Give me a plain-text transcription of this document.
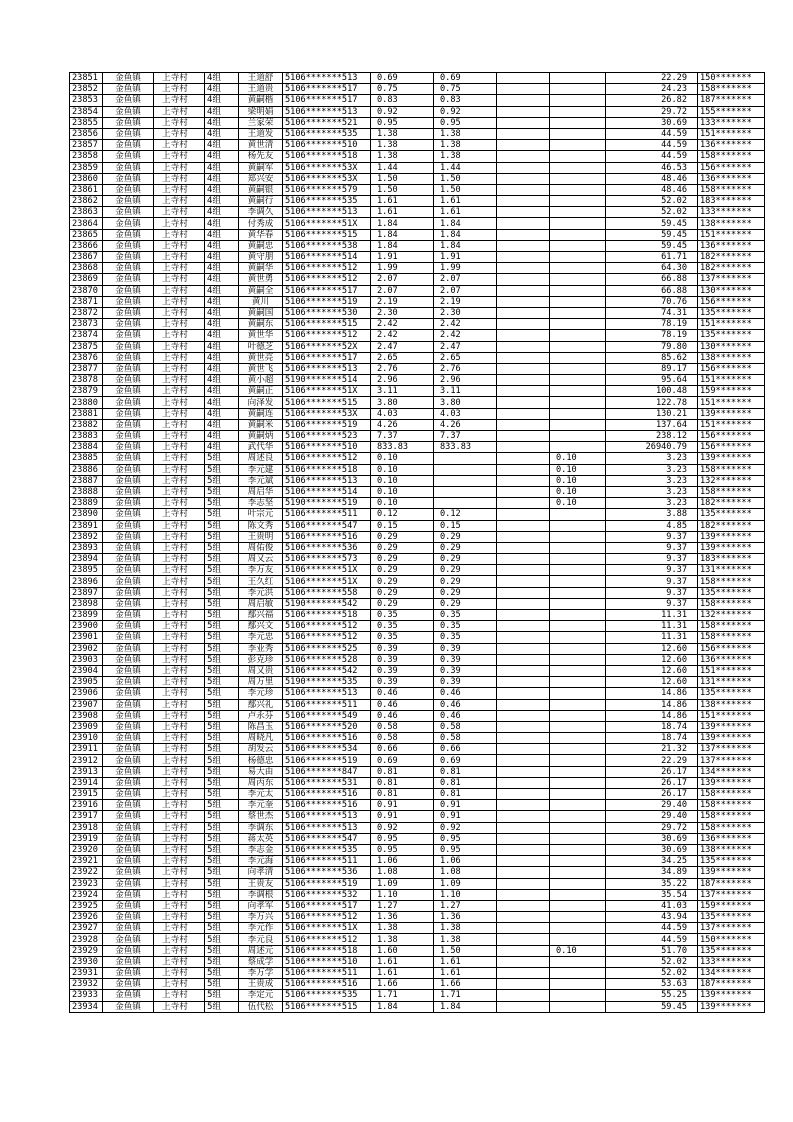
23851	金鱼镇	上寺村	4组	王道舒	5106*******513	0.69	0.69			22.29	150*******
23852	金鱼镇	上寺村	4组	王道贵	5106*******517	0.75	0.75			24.23	158*******
23853	金鱼镇	上寺村	4组	黄嗣楷	5106*******517	0.83	0.83			26.82	187*******
23854	金鱼镇	上寺村	4组	梁明娟	5106*******513	0.92	0.92			29.72	155*******
23855	金鱼镇	上寺村	4组	兰家荣	5106*******521	0.95	0.95			30.69	133*******
23856	金鱼镇	上寺村	4组	王道发	5106*******535	1.38	1.38			44.59	151*******
23857	金鱼镇	上寺村	4组	黄世清	5106*******510	1.38	1.38			44.59	136*******
23858	金鱼镇	上寺村	4组	杨先友	5106*******518	1.38	1.38			44.59	158*******
23859	金鱼镇	上寺村	4组	黄嗣军	5106*******53X	1.44	1.44			46.53	156*******
23860	金鱼镇	上寺村	4组	郑兴安	5106*******53X	1.50	1.50			48.46	136*******
23861	金鱼镇	上寺村	4组	黄嗣银	5106*******579	1.50	1.50			48.46	158*******
23862	金鱼镇	上寺村	4组	黄嗣行	5106*******535	1.61	1.61			52.02	183*******
23863	金鱼镇	上寺村	4组	李调久	5106*******513	1.61	1.61			52.02	133*******
23864	金鱼镇	上寺村	4组	付秀成	5106*******51X	1.84	1.84			59.45	138*******
23865	金鱼镇	上寺村	4组	黄华春	5106*******515	1.84	1.84			59.45	151*******
23866	金鱼镇	上寺村	4组	黄嗣忠	5106*******538	1.84	1.84			59.45	136*******
23867	金鱼镇	上寺村	4组	黄守朋	5106*******514	1.91	1.91			61.71	182*******
23868	金鱼镇	上寺村	4组	黄嗣华	5106*******512	1.99	1.99			64.30	182*******
23869	金鱼镇	上寺村	4组	黄世勇	5106*******512	2.07	2.07			66.88	137*******
23870	金鱼镇	上寺村	4组	黄嗣全	5106*******517	2.07	2.07			66.88	130*******
23871	金鱼镇	上寺村	4组	黄川	5106*******519	2.19	2.19			70.76	156*******
23872	金鱼镇	上寺村	4组	黄嗣国	5106*******530	2.30	2.30			74.31	135*******
23873	金鱼镇	上寺村	4组	黄嗣东	5106*******515	2.42	2.42			78.19	151*******
23874	金鱼镇	上寺村	4组	黄世华	5106*******512	2.42	2.42			78.19	135*******
23875	金鱼镇	上寺村	4组	叶德芝	5106*******52X	2.47	2.47			79.80	130*******
23876	金鱼镇	上寺村	4组	黄世亮	5106*******517	2.65	2.65			85.62	138*******
23877	金鱼镇	上寺村	4组	黄世飞	5106*******513	2.76	2.76			89.17	156*******
23878	金鱼镇	上寺村	4组	黄小超	5190*******514	2.96	2.96			95.64	151*******
23879	金鱼镇	上寺村	4组	黄嗣正	5106*******51X	3.11	3.11			100.48	159*******
23880	金鱼镇	上寺村	4组	向泽发	5106*******515	3.80	3.80			122.78	151*******
23881	金鱼镇	上寺村	4组	黄嗣连	5106*******53X	4.03	4.03			130.21	139*******
23882	金鱼镇	上寺村	4组	黄嗣米	5106*******519	4.26	4.26			137.64	151*******
23883	金鱼镇	上寺村	4组	黄嗣炳	5106*******523	7.37	7.37			238.12	156*******
23884	金鱼镇	上寺村	4组	武代华	5106*******510	833.83	833.83			26940.79	156*******
23885	金鱼镇	上寺村	5组	周述良	5106*******512	0.10			0.10	3.23	139*******
23886	金鱼镇	上寺村	5组	李元建	5106*******518	0.10			0.10	3.23	158*******
23887	金鱼镇	上寺村	5组	李元斌	5106*******513	0.10			0.10	3.23	132*******
23888	金鱼镇	上寺村	5组	周启华	5106*******514	0.10			0.10	3.23	158*******
23889	金鱼镇	上寺村	5组	李志坚	5190*******519	0.10			0.10	3.23	182*******
23890	金鱼镇	上寺村	5组	叶宗元	5106*******511	0.12	0.12			3.88	135*******
23891	金鱼镇	上寺村	5组	陈文秀	5106*******547	0.15	0.15			4.85	182*******
23892	金鱼镇	上寺村	5组	王贵明	5106*******516	0.29	0.29			9.37	139*******
23893	金鱼镇	上寺村	5组	周佑俊	5106*******536	0.29	0.29			9.37	139*******
23894	金鱼镇	上寺村	5组	周又云	5106*******573	0.29	0.29			9.37	183*******
23895	金鱼镇	上寺村	5组	李万友	5106*******51X	0.29	0.29			9.37	131*******
23896	金鱼镇	上寺村	5组	王久红	5106*******51X	0.29	0.29			9.37	158*******
23897	金鱼镇	上寺村	5组	李元洪	5106*******558	0.29	0.29			9.37	135*******
23898	金鱼镇	上寺村	5组	周启敏	5190*******542	0.29	0.29			9.37	158*******
23899	金鱼镇	上寺村	5组	鄢兴福	5106*******518	0.35	0.35			11.31	132*******
23900	金鱼镇	上寺村	5组	鄢兴文	5106*******512	0.35	0.35			11.31	158*******
23901	金鱼镇	上寺村	5组	李元忠	5106*******512	0.35	0.35			11.31	158*******
23902	金鱼镇	上寺村	5组	李业秀	5106*******525	0.39	0.39			12.60	156*******
23903	金鱼镇	上寺村	5组	彭克珍	5106*******528	0.39	0.39			12.60	136*******
23904	金鱼镇	上寺村	5组	周又贵	5106*******542	0.39	0.39			12.60	151*******
23905	金鱼镇	上寺村	5组	周万里	5190*******535	0.39	0.39			12.60	131*******
23906	金鱼镇	上寺村	5组	李元珍	5106*******513	0.46	0.46			14.86	135*******
23907	金鱼镇	上寺村	5组	鄢兴礼	5106*******511	0.46	0.46			14.86	138*******
23908	金鱼镇	上寺村	5组	卢永芬	5106*******549	0.46	0.46			14.86	151*******
23909	金鱼镇	上寺村	5组	陈昌玉	5106*******520	0.58	0.58			18.74	139*******
23910	金鱼镇	上寺村	5组	周晓凡	5106*******516	0.58	0.58			18.74	139*******
23911	金鱼镇	上寺村	5组	胡发云	5106*******534	0.66	0.66			21.32	137*******
23912	金鱼镇	上寺村	5组	杨德忠	5106*******519	0.69	0.69			22.29	137*******
23913	金鱼镇	上寺村	5组	易大由	5106*******847	0.81	0.81			26.17	134*******
23914	金鱼镇	上寺村	5组	周丙东	5106*******531	0.81	0.81			26.17	139*******
23915	金鱼镇	上寺村	5组	李元太	5106*******516	0.81	0.81			26.17	158*******
23916	金鱼镇	上寺村	5组	李元奎	5106*******516	0.91	0.91			29.40	158*******
23917	金鱼镇	上寺村	5组	蔡世杰	5106*******513	0.91	0.91			29.40	158*******
23918	金鱼镇	上寺村	5组	李调东	5106*******513	0.92	0.92			29.72	158*******
23919	金鱼镇	上寺村	5组	蒋太英	5106*******547	0.95	0.95			30.69	136*******
23920	金鱼镇	上寺村	5组	李志金	5106*******535	0.95	0.95			30.69	138*******
23921	金鱼镇	上寺村	5组	李元海	5106*******511	1.06	1.06			34.25	135*******
23922	金鱼镇	上寺村	5组	向孝清	5106*******536	1.08	1.08			34.89	139*******
23923	金鱼镇	上寺村	5组	王贵友	5106*******519	1.09	1.09			35.22	187*******
23924	金鱼镇	上寺村	5组	李调根	5106*******532	1.10	1.10			35.54	137*******
23925	金鱼镇	上寺村	5组	向孝军	5106*******517	1.27	1.27			41.03	159*******
23926	金鱼镇	上寺村	5组	李万兴	5106*******512	1.36	1.36			43.94	135*******
23927	金鱼镇	上寺村	5组	李元作	5106*******51X	1.38	1.38			44.59	137*******
23928	金鱼镇	上寺村	5组	李元良	5106*******512	1.38	1.38			44.59	150*******
23929	金鱼镇	上寺村	5组	周述元	5106*******518	1.60	1.50		0.10	51.70	135*******
23930	金鱼镇	上寺村	5组	蔡成学	5106*******510	1.61	1.61			52.02	133*******
23931	金鱼镇	上寺村	5组	李万学	5106*******511	1.61	1.61			52.02	134*******
23932	金鱼镇	上寺村	5组	王贵成	5106*******516	1.66	1.66			53.63	187*******
23933	金鱼镇	上寺村	5组	李定元	5106*******535	1.71	1.71			55.25	139*******
23934	金鱼镇	上寺村	5组	伍代松	5106*******515	1.84	1.84			59.45	139*******
